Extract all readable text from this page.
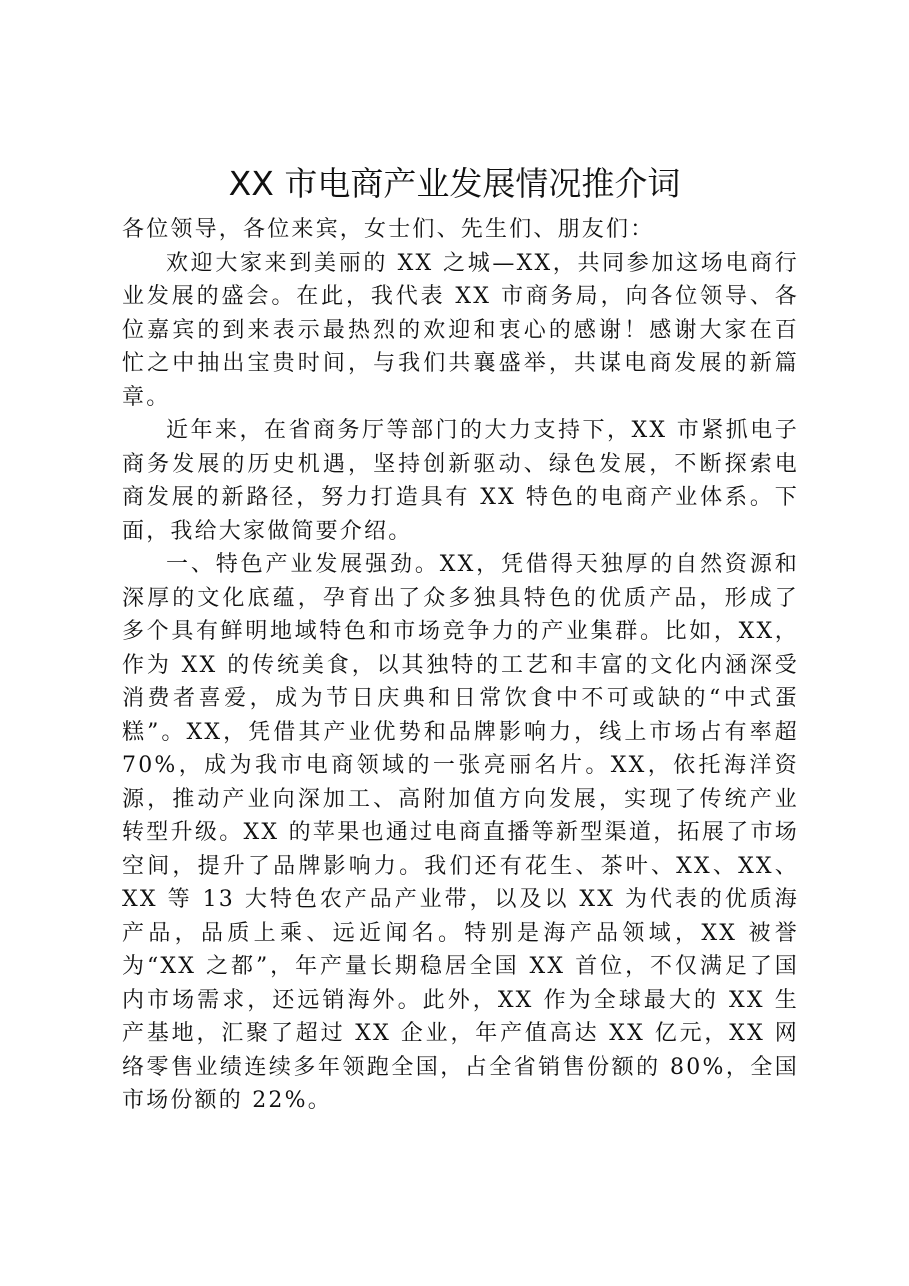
XX 市电商产业发展情况推介词

各位领导，各位来宾，女士们、先生们、朋友们：

欢迎大家来到美丽的 XX 之城—XX，共同参加这场电商行业发展的盛会。在此，我代表 XX 市商务局，向各位领导、各位嘉宾的到来表示最热烈的欢迎和衷心的感谢！感谢大家在百忙之中抽出宝贵时间，与我们共襄盛举，共谋电商发展的新篇章。

近年来，在省商务厅等部门的大力支持下，XX 市紧抓电子商务发展的历史机遇，坚持创新驱动、绿色发展，不断探索电商发展的新路径，努力打造具有 XX 特色的电商产业体系。下面，我给大家做简要介绍。

一、特色产业发展强劲。XX，凭借得天独厚的自然资源和深厚的文化底蕴，孕育出了众多独具特色的优质产品，形成了多个具有鲜明地域特色和市场竞争力的产业集群。比如，XX，作为 XX 的传统美食，以其独特的工艺和丰富的文化内涵深受消费者喜爱，成为节日庆典和日常饮食中不可或缺的“中式蛋糕”。XX，凭借其产业优势和品牌影响力，线上市场占有率超 70%，成为我市电商领域的一张亮丽名片。XX，依托海洋资源，推动产业向深加工、高附加值方向发展，实现了传统产业转型升级。XX 的苹果也通过电商直播等新型渠道，拓展了市场空间，提升了品牌影响力。我们还有花生、茶叶、XX、XX、XX 等 13 大特色农产品产业带，以及以 XX 为代表的优质海产品，品质上乘、远近闻名。特别是海产品领域，XX 被誉为“XX 之都”，年产量长期稳居全国 XX 首位，不仅满足了国内市场需求，还远销海外。此外，XX 作为全球最大的 XX 生产基地，汇聚了超过 XX 企业，年产值高达 XX 亿元，XX 网络零售业绩连续多年领跑全国，占全省销售份额的 80%，全国市场份额的 22%。
